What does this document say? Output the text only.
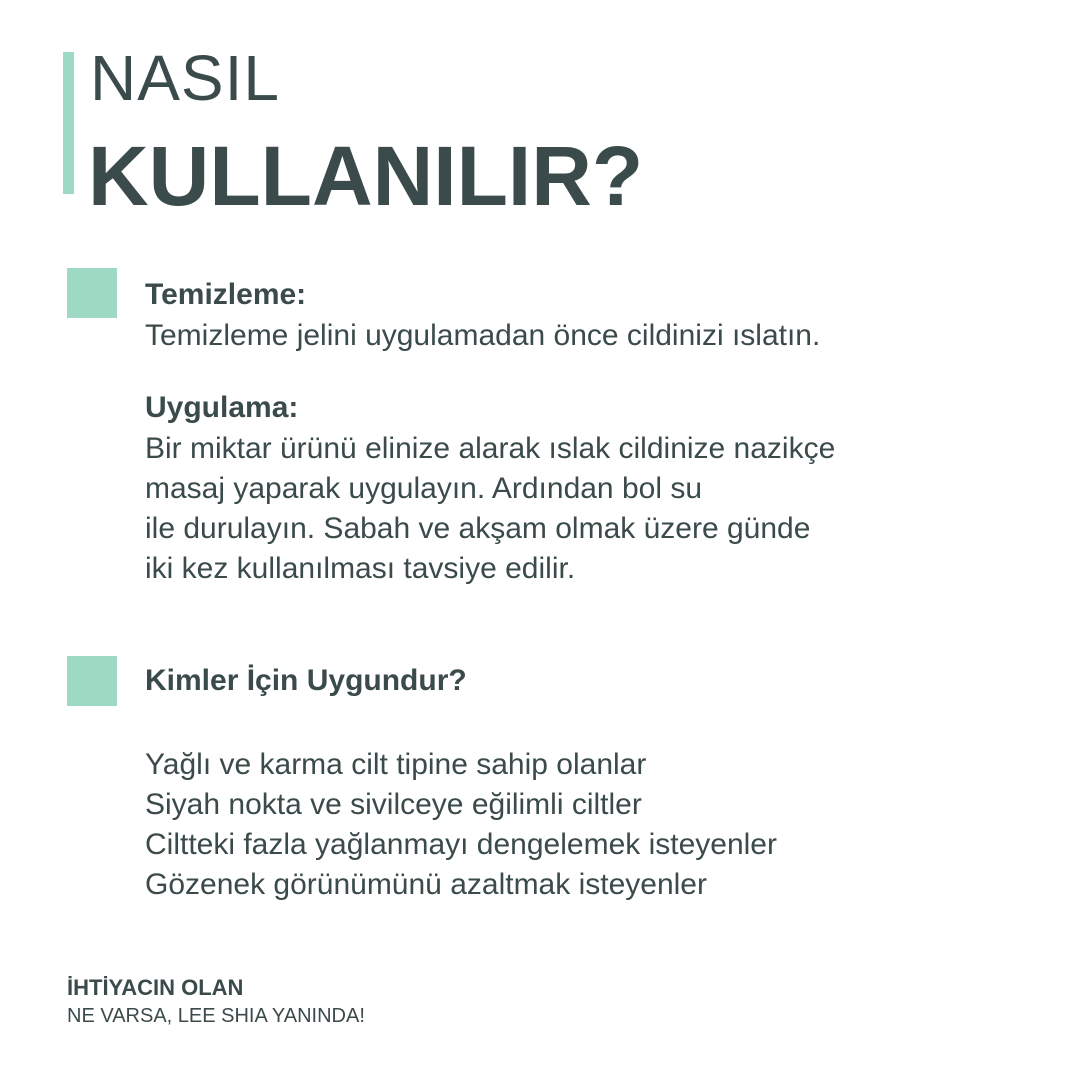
NASIL
KULLANILIR?
Temizleme:
Temizleme jelini uygulamadan önce cildinizi ıslatın.
Uygulama:
Bir miktar ürünü elinize alarak ıslak cildinize nazikçe
masaj yaparak uygulayın. Ardından bol su
ile durulayın. Sabah ve akşam olmak üzere günde
iki kez kullanılması tavsiye edilir.
Kimler İçin Uygundur?
Yağlı ve karma cilt tipine sahip olanlar
Siyah nokta ve sivilceye eğilimli ciltler
Ciltteki fazla yağlanmayı dengelemek isteyenler
Gözenek görünümünü azaltmak isteyenler
İHTİYACIN OLAN
NE VARSA, LEE SHIA YANINDA!
